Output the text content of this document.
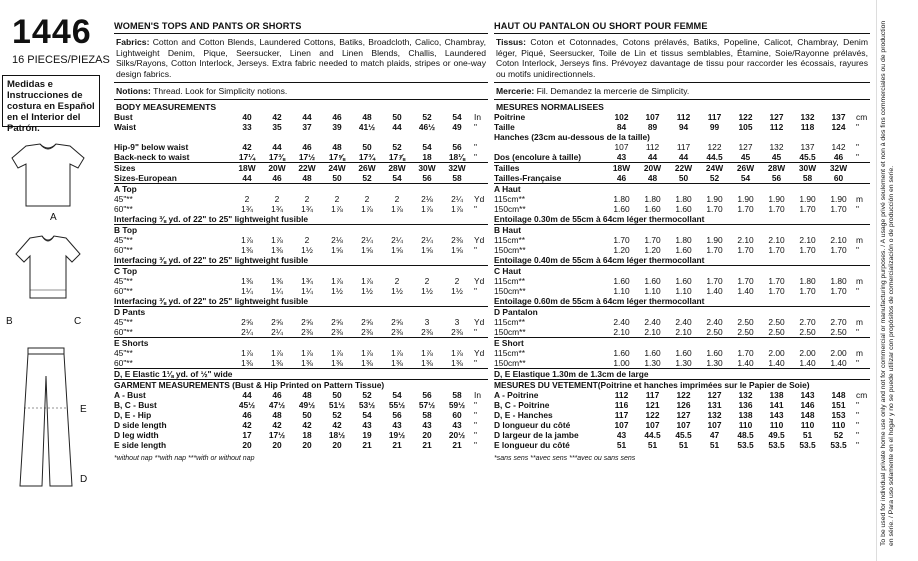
1446
16 PIECES/PIEZAS
Medidas e Instrucciones de costura en Español en el Interior del Patrón.
A
B	C
E
D
WOMEN'S TOPS AND PANTS OR SHORTS
Fabrics: Cotton and Cotton Blends, Laundered Cottons, Batiks, Broadcloth, Calico, Chambray, Lightweight Denim, Pique, Seersucker, Linen and Linen Blends, Challis, Laundered Silks/Rayons, Cotton Interlock, Jerseys. Extra fabric needed to match plaids, stripes or one-way design fabrics.
Notions: Thread. Look for Simplicity notions.
BODY MEASUREMENTS
Bust	40	42	44	46	48	50	52	54	In
Waist	33	35	37	39	41½	44	46½	49	"

Hip-9" below waist	42	44	46	48	50	52	54	56	"
Back-neck to waist	17¼	17⅜	17½	17⅝	17¾	17⅞	18	18⅛	"
Sizes	18W	20W	22W	24W	26W	28W	30W	32W	
Sizes-European	44	46	48	50	52	54	56	58	
A Top									
45"**	2	2	2	2	2	2	2⅛	2¼	Yd
60"**	1¾	1¾	1¾	1⅞	1⅞	1⅞	1⅞	1⅞	"
Interfacing ⅜ yd. of 22" to 25" lightweight fusible									
B Top									
45"**	1⅞	1⅞	2	2⅛	2¼	2¼	2¼	2⅜	Yd
60"**	1⅜	1⅜	1½	1⅝	1⅝	1⅝	1⅝	1⅝	"
Interfacing ⅜ yd. of 22" to 25" lightweight fusible									
C Top									
45"**	1⅜	1⅜	1¾	1⅞	1⅞	2	2	2	Yd
60"**	1¼	1¼	1¼	1½	1½	1½	1½	1½	"
Interfacing ⅜ yd. of 22" to 25" lightweight fusible									
D Pants									
45"**	2⅝	2⅝	2⅝	2⅝	2⅝	2⅝	3	3	Yd
60"**	2¼	2¼	2⅜	2⅜	2⅜	2⅜	2⅜	2⅜	"
E Shorts									
45"**	1⅞	1⅞	1⅞	1⅞	1⅞	1⅞	1⅞	1⅞	Yd
60"**	1⅜	1⅜	1⅜	1⅜	1⅜	1⅜	1⅜	1⅜	"
D, E Elastic 1⅛ yd. of ½" wide									
GARMENT MEASUREMENTS (Bust & Hip Printed on Pattern Tissue)									
A - Bust	44	46	48	50	52	54	56	58	In
B, C - Bust	45½	47½	49½	51½	53½	55½	57½	59½	"
D, E - Hip	46	48	50	52	54	56	58	60	"
D side length	42	42	42	42	43	43	43	43	"
D leg width	17	17½	18	18½	19	19½	20	20½	"
E side length	20	20	20	20	21	21	21	21	"
*without nap **with nap ***with or without nap
HAUT OU PANTALON OU SHORT POUR FEMME
Tissus: Coton et Cotonnades, Cotons prélavés, Batiks, Popeline, Calicot, Chambray, Denim léger, Piqué, Seersucker, Toile de Lin et tissus semblables, Étamine, Soie/Rayonne prélavés, Coton Interlock, Jerseys fins. Prévoyez davantage de tissu pour raccorder les écossais, rayures ou motifs unidirectionnels.
Mercerie: Fil. Demandez la mercerie de Simplicity.
MESURES NORMALISEES
Poitrine	102	107	112	117	122	127	132	137	cm
Taille	84	89	94	99	105	112	118	124	"
Hanches (23cm au-dessous de la taille)									
	107	112	117	122	127	132	137	142	"
Dos (encolure à taille)	43	44	44	44.5	45	45	45.5	46	"
Tailles	18W	20W	22W	24W	26W	28W	30W	32W	
Tailles-Française	46	48	50	52	54	56	58	60	
A Haut									
115cm**	1.80	1.80	1.80	1.90	1.90	1.90	1.90	1.90	m
150cm**	1.60	1.60	1.60	1.70	1.70	1.70	1.70	1.70	"
Entoilage 0.30m de 55cm à 64cm léger thermocollant									
B Haut									
115cm**	1.70	1.70	1.80	1.90	2.10	2.10	2.10	2.10	m
150cm**	1.20	1.20	1.60	1.70	1.70	1.70	1.70	1.70	"
Entoilage 0.40m de 55cm à 64cm léger thermocollant									
C Haut									
115cm**	1.60	1.60	1.60	1.70	1.70	1.70	1.80	1.80	m
150cm**	1.10	1.10	1.10	1.40	1.40	1.70	1.70	1.70	"
Entoilage 0.60m de 55cm à 64cm léger thermocollant									
D Pantalon									
115cm**	2.40	2.40	2.40	2.40	2.50	2.50	2.70	2.70	m
150cm**	2.10	2.10	2.10	2.50	2.50	2.50	2.50	2.50	"
E Short									
115cm**	1.60	1.60	1.60	1.60	1.70	2.00	2.00	2.00	m
150cm**	1.00	1.30	1.30	1.30	1.40	1.40	1.40	1.40	"
D, E Elastique 1.30m de 1.3cm de large									
MESURES DU VETEMENT(Poitrine et hanches imprimées sur le Papier de Soie)									
A - Poitrine	112	117	122	127	132	138	143	148	cm
B, C - Poitrine	116	121	126	131	136	141	146	151	"
D, E - Hanches	117	122	127	132	138	143	148	153	"
D longueur du côté	107	107	107	107	110	110	110	110	"
D largeur de la jambe	43	44.5	45.5	47	48.5	49.5	51	52	"
E longueur du côté	51	51	51	51	53.5	53.5	53.5	53.5	"
*sans sens **avec sens ***avec ou sans sens	To be used for individual private home use only and not for commercial or manufacturing purposes. / A usage privé seulement et non à des fins commerciales ou de production en série. / Para uso solamente en el hogar y no se puede utilizar con propósitos de comercialización o de producción en serie.
